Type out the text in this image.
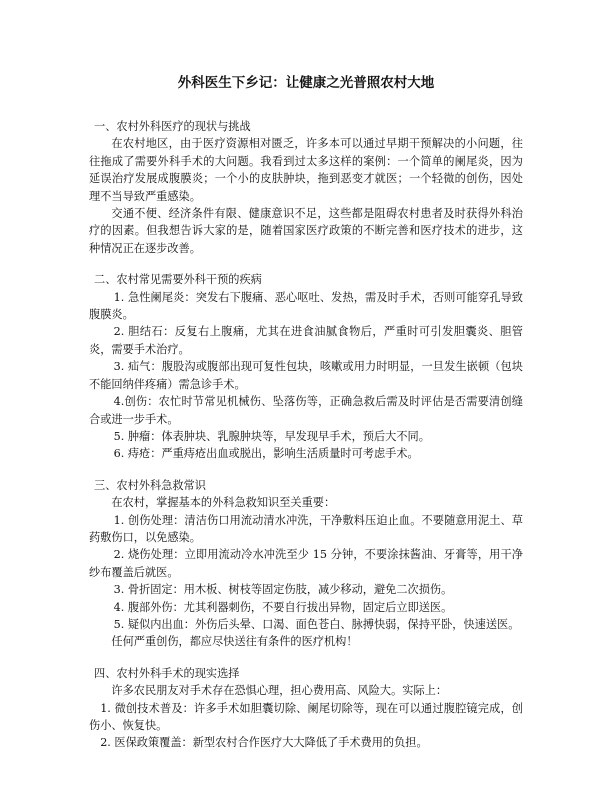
外科医生下乡记：让健康之光普照农村大地

一、农村外科医疗的现状与挑战

在农村地区，由于医疗资源相对匮乏，许多本可以通过早期干预解决的小问题，往往拖成了需要外科手术的大问题。我看到过太多这样的案例：一个简单的阑尾炎，因为延误治疗发展成腹膜炎；一个小的皮肤肿块，拖到恶变才就医；一个轻微的创伤，因处理不当导致严重感染。

交通不便、经济条件有限、健康意识不足，这些都是阻碍农村患者及时获得外科治疗的因素。但我想告诉大家的是，随着国家医疗政策的不断完善和医疗技术的进步，这种情况正在逐步改善。

二、农村常见需要外科干预的疾病

1. 急性阑尾炎：突发右下腹痛、恶心呕吐、发热，需及时手术，否则可能穿孔导致腹膜炎。

2. 胆结石：反复右上腹痛，尤其在进食油腻食物后，严重时可引发胆囊炎、胆管炎，需要手术治疗。

3. 疝气：腹股沟或腹部出现可复性包块，咳嗽或用力时明显，一旦发生嵌顿（包块不能回纳伴疼痛）需急诊手术。

4.创伤：农忙时节常见机械伤、坠落伤等，正确急救后需及时评估是否需要清创缝合或进一步手术。

5. 肿瘤：体表肿块、乳腺肿块等，早发现早手术，预后大不同。

6. 痔疮：严重痔疮出血或脱出，影响生活质量时可考虑手术。

三、农村外科急救常识

在农村，掌握基本的外科急救知识至关重要：

1. 创伤处理：清洁伤口用流动清水冲洗，干净敷料压迫止血。不要随意用泥土、草药敷伤口，以免感染。

2. 烧伤处理：立即用流动冷水冲洗至少 15 分钟，不要涂抹酱油、牙膏等，用干净纱布覆盖后就医。

3. 骨折固定：用木板、树枝等固定伤肢，减少移动，避免二次损伤。

4. 腹部外伤：尤其利器刺伤，不要自行拔出异物，固定后立即送医。

5. 疑似内出血：外伤后头晕、口渴、面色苍白、脉搏快弱，保持平卧，快速送医。

任何严重创伤，都应尽快送往有条件的医疗机构！

四、农村外科手术的现实选择

许多农民朋友对手术存在恐惧心理，担心费用高、风险大。实际上：

1. 微创技术普及：许多手术如胆囊切除、阑尾切除等，现在可以通过腹腔镜完成，创伤小、恢复快。

2. 医保政策覆盖：新型农村合作医疗大大降低了手术费用的负担。
